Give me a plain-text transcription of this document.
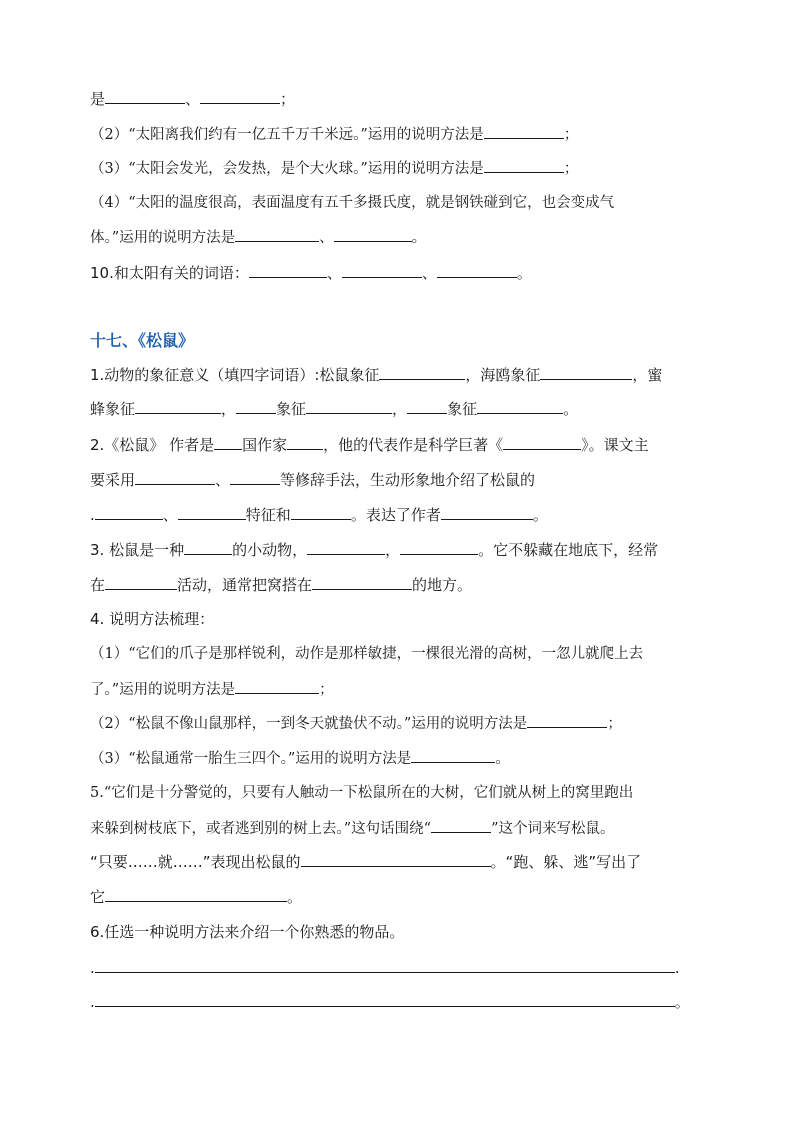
是	、	；
（2）“太阳离我们约有一亿五千万千米远。”运用的说明方法是	；
（3）“太阳会发光，会发热，是个大火球。”运用的说明方法是	；
（4）“太阳的温度很高，表面温度有五千多摄氏度，就是钢铁碰到它，也会变成气
体。”运用的说明方法是	、	。
10.和太阳有关的词语：	、	、	。
十七、《松鼠》
1.动物的象征意义（填四字词语）:松鼠象征	，海鸥象征	，蜜
蜂象征	，	象征	，	象征	。
2.《松鼠》 作者是 国作家 ，他的代表作是科学巨著《	》。课文主
要采用	、	等修辞手法，生动形象地介绍了松鼠的
.	、	特征和	。表达了作者	。
3. 松鼠是一种	的小动物，	，	。它不躲藏在地底下，经常
在	活动，通常把窝搭在	的地方。
4. 说明方法梳理：
（1）“它们的爪子是那样锐利，动作是那样敏捷，一棵很光滑的高树，一忽儿就爬上去
了。”运用的说明方法是	；
（2）“松鼠不像山鼠那样，一到冬天就蛰伏不动。”运用的说明方法是	；
（3）“松鼠通常一胎生三四个。”运用的说明方法是	。
5.“它们是十分警觉的，只要有人触动一下松鼠所在的大树，它们就从树上的窝里跑出
来躲到树枝底下，或者逃到别的树上去。”这句话围绕“	”这个词来写松鼠。
“只要……就……”表现出松鼠的	。“跑、躲、逃”写出了
它	。
6.任选一种说明方法来介绍一个你熟悉的物品。
.	.
.	。
